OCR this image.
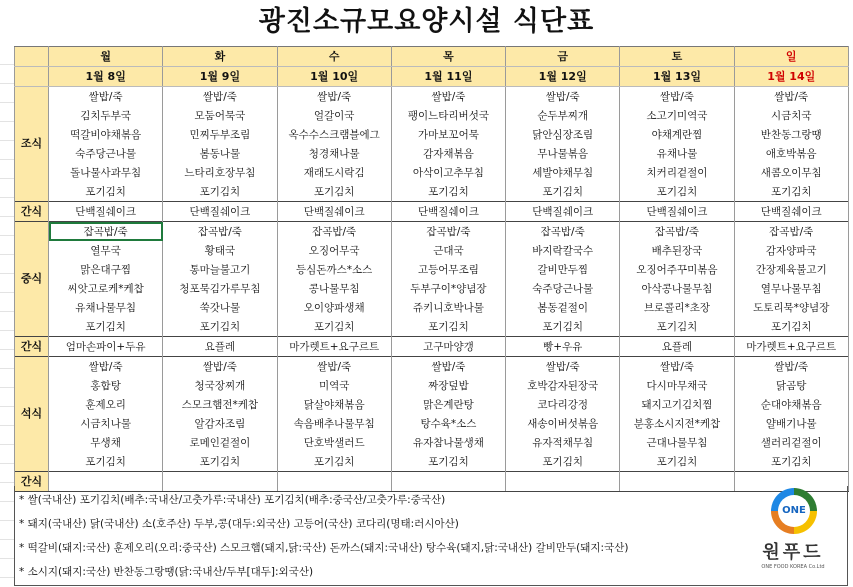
광진소규모요양시설 식단표
	월	화	수	목	금	토	일
	1월 8일	1월 9일	1월 10일	1월 11일	1월 12일	1월 13일	1월 14일
조식	쌀밥/죽	쌀밥/죽	쌀밥/죽	쌀밥/죽	쌀밥/죽	쌀밥/죽	쌀밥/죽
	김치두부국	모둠어묵국	얼갈이국	팽이느타리버섯국	순두부찌개	소고기미역국	시금치국
	떡갈비야채볶음	민찌두부조림	옥수수스크램블에그	가마보꼬어묵	닭안심장조림	야채계란찜	반찬동그랑땡
	숙주당근나물	봄동나물	청경채나물	감자채볶음	무나물볶음	유채나물	애호박볶음
	돌나물사과무침	느타리호장무침	재래도시락김	아삭이고추무침	세발야채무침	치커리겉절이	새콤오이무침
	포기김치	포기김치	포기김치	포기김치	포기김치	포기김치	포기김치
간식	단백질쉐이크	단백질쉐이크	단백질쉐이크	단백질쉐이크	단백질쉐이크	단백질쉐이크	단백질쉐이크
중식	잡곡밥/죽	잡곡밥/죽	잡곡밥/죽	잡곡밥/죽	잡곡밥/죽	잡곡밥/죽	잡곡밥/죽
	열무국	황태국	오징어무국	근대국	바지락칼국수	배추된장국	감자양파국
	맑은대구찜	통마늘불고기	등심돈까스*소스	고등어무조림	갈비만두찜	오징어주꾸미볶음	간장제육불고기
	씨앗고로케*케찹	청포묵김가루무침	콩나물무침	두부구이*양념장	숙주당근나물	아삭콩나물무침	열무나물무침
	유채나물무침	쑥갓나물	오이양파생채	쥬키니호박나물	봄동겉절이	브로콜리*초장	도토리묵*양념장
	포기김치	포기김치	포기김치	포기김치	포기김치	포기김치	포기김치
간식	엄마손파이+두유	요플레	마가렛트+요구르트	고구마양갱	빵+우유	요플레	마가렛트+요구르트
석식	쌀밥/죽	쌀밥/죽	쌀밥/죽	쌀밥/죽	쌀밥/죽	쌀밥/죽	쌀밥/죽
	홍합탕	청국장찌개	미역국	짜장덮밥	호박감자된장국	다시마무채국	닭곰탕
	훈제오리	스모크햄전*케찹	닭살야채볶음	맑은계란탕	코다리강정	돼지고기김치찜	순대야채볶음
	시금치나물	알감자조림	속음배추나물무침	탕수육*소스	새송이버섯볶음	분홍소시지전*케찹	얄배기나물
	무생채	로메인겉절이	단호박샐러드	유자참나물생채	유자적채무침	근대나물무침	샐러리겉절이
	포기김치	포기김치	포기김치	포기김치	포기김치	포기김치	포기김치
간식							
* 쌀(국내산) 포기김치(배추:국내산/고춧가루:국내산) 포기김치(배추:중국산/고춧가루:중국산)
* 돼지(국내산) 닭(국내산) 소(호주산) 두부,콩(대두:외국산) 고등어(국산) 코다리(명태:러시아산)
* 떡갈비(돼지:국산) 훈제오리(오리:중국산) 스모크햄(돼지,닭:국산) 돈까스(돼지:국내산) 탕수육(돼지,닭:국내산) 갈비만두(돼지:국산)
* 소시지(돼지:국산) 반찬동그랑땡(닭:국내산/두부[대두]:외국산)
ONE
원푸드
ONE FOOD KOREA Co.Ltd
